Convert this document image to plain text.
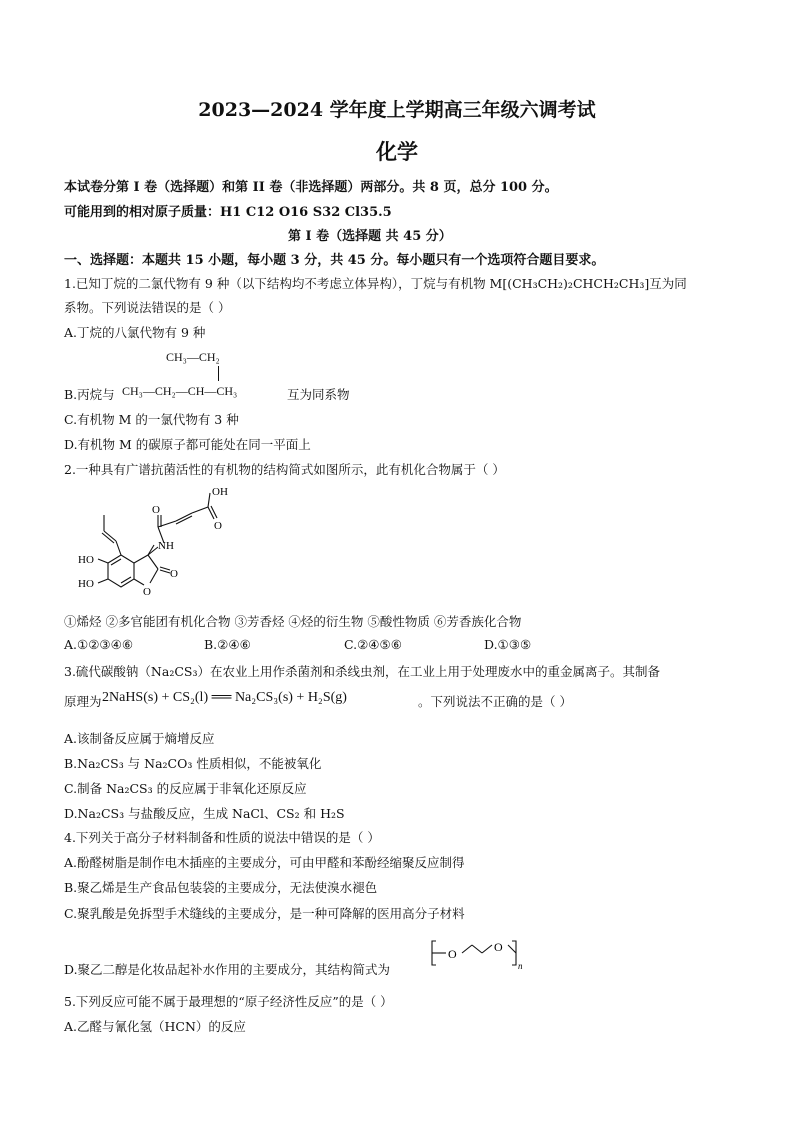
2023—2024 学年度上学期高三年级六调考试
化学
本试卷分第 I 卷（选择题）和第 II 卷（非选择题）两部分。共 8 页，总分 100 分。
可能用到的相对原子质量：H1 C12 O16 S32 Cl35.5
第 I 卷（选择题 共 45 分）
一、选择题：本题共 15 小题，每小题 3 分，共 45 分。每小题只有一个选项符合题目要求。
1.已知丁烷的二氯代物有 9 种（以下结构均不考虑立体异构），丁烷与有机物 M[(CH₃CH₂)₂CHCH₂CH₃]互为同
系物。下列说法错误的是（ ）
A.丁烷的八氯代物有 9 种
CH₃—CH₂
B.丙烷与 CH₃—CH₂—CH—CH₃	互为同系物
C.有机物 M 的一氯代物有 3 种
D.有机物 M 的碳原子都可能处在同一平面上
2.一种具有广谱抗菌活性的有机物的结构简式如图所示，此有机化合物属于（ ）
OH
O
O
NH
HO
HO
O
O
①烯烃 ②多官能团有机化合物 ③芳香烃 ④烃的衍生物 ⑤酸性物质 ⑥芳香族化合物
A.①②③④⑥	B.②④⑥	C.②④⑤⑥	D.①③⑤
3.硫代碳酸钠（Na₂CS₃）在农业上用作杀菌剂和杀线虫剂，在工业上用于处理废水中的重金属离子。其制备
原理为 2NaHS(s) + CS₂(l) ══ Na₂CS₃(s) + H₂S(g)	。下列说法不正确的是（ ）
A.该制备反应属于熵增反应
B.Na₂CS₃ 与 Na₂CO₃ 性质相似，不能被氧化
C.制备 Na₂CS₃ 的反应属于非氧化还原反应
D.Na₂CS₃ 与盐酸反应，生成 NaCl、CS₂ 和 H₂S
4.下列关于高分子材料制备和性质的说法中错误的是（ ）
A.酚醛树脂是制作电木插座的主要成分，可由甲醛和苯酚经缩聚反应制得
B.聚乙烯是生产食品包装袋的主要成分，无法使溴水褪色
C.聚乳酸是免拆型手术缝线的主要成分，是一种可降解的医用高分子材料
D.聚乙二醇是化妆品起补水作用的主要成分，其结构简式为
O	O
n
5.下列反应可能不属于最理想的“原子经济性反应”的是（ ）
A.乙醛与氰化氢（HCN）的反应
